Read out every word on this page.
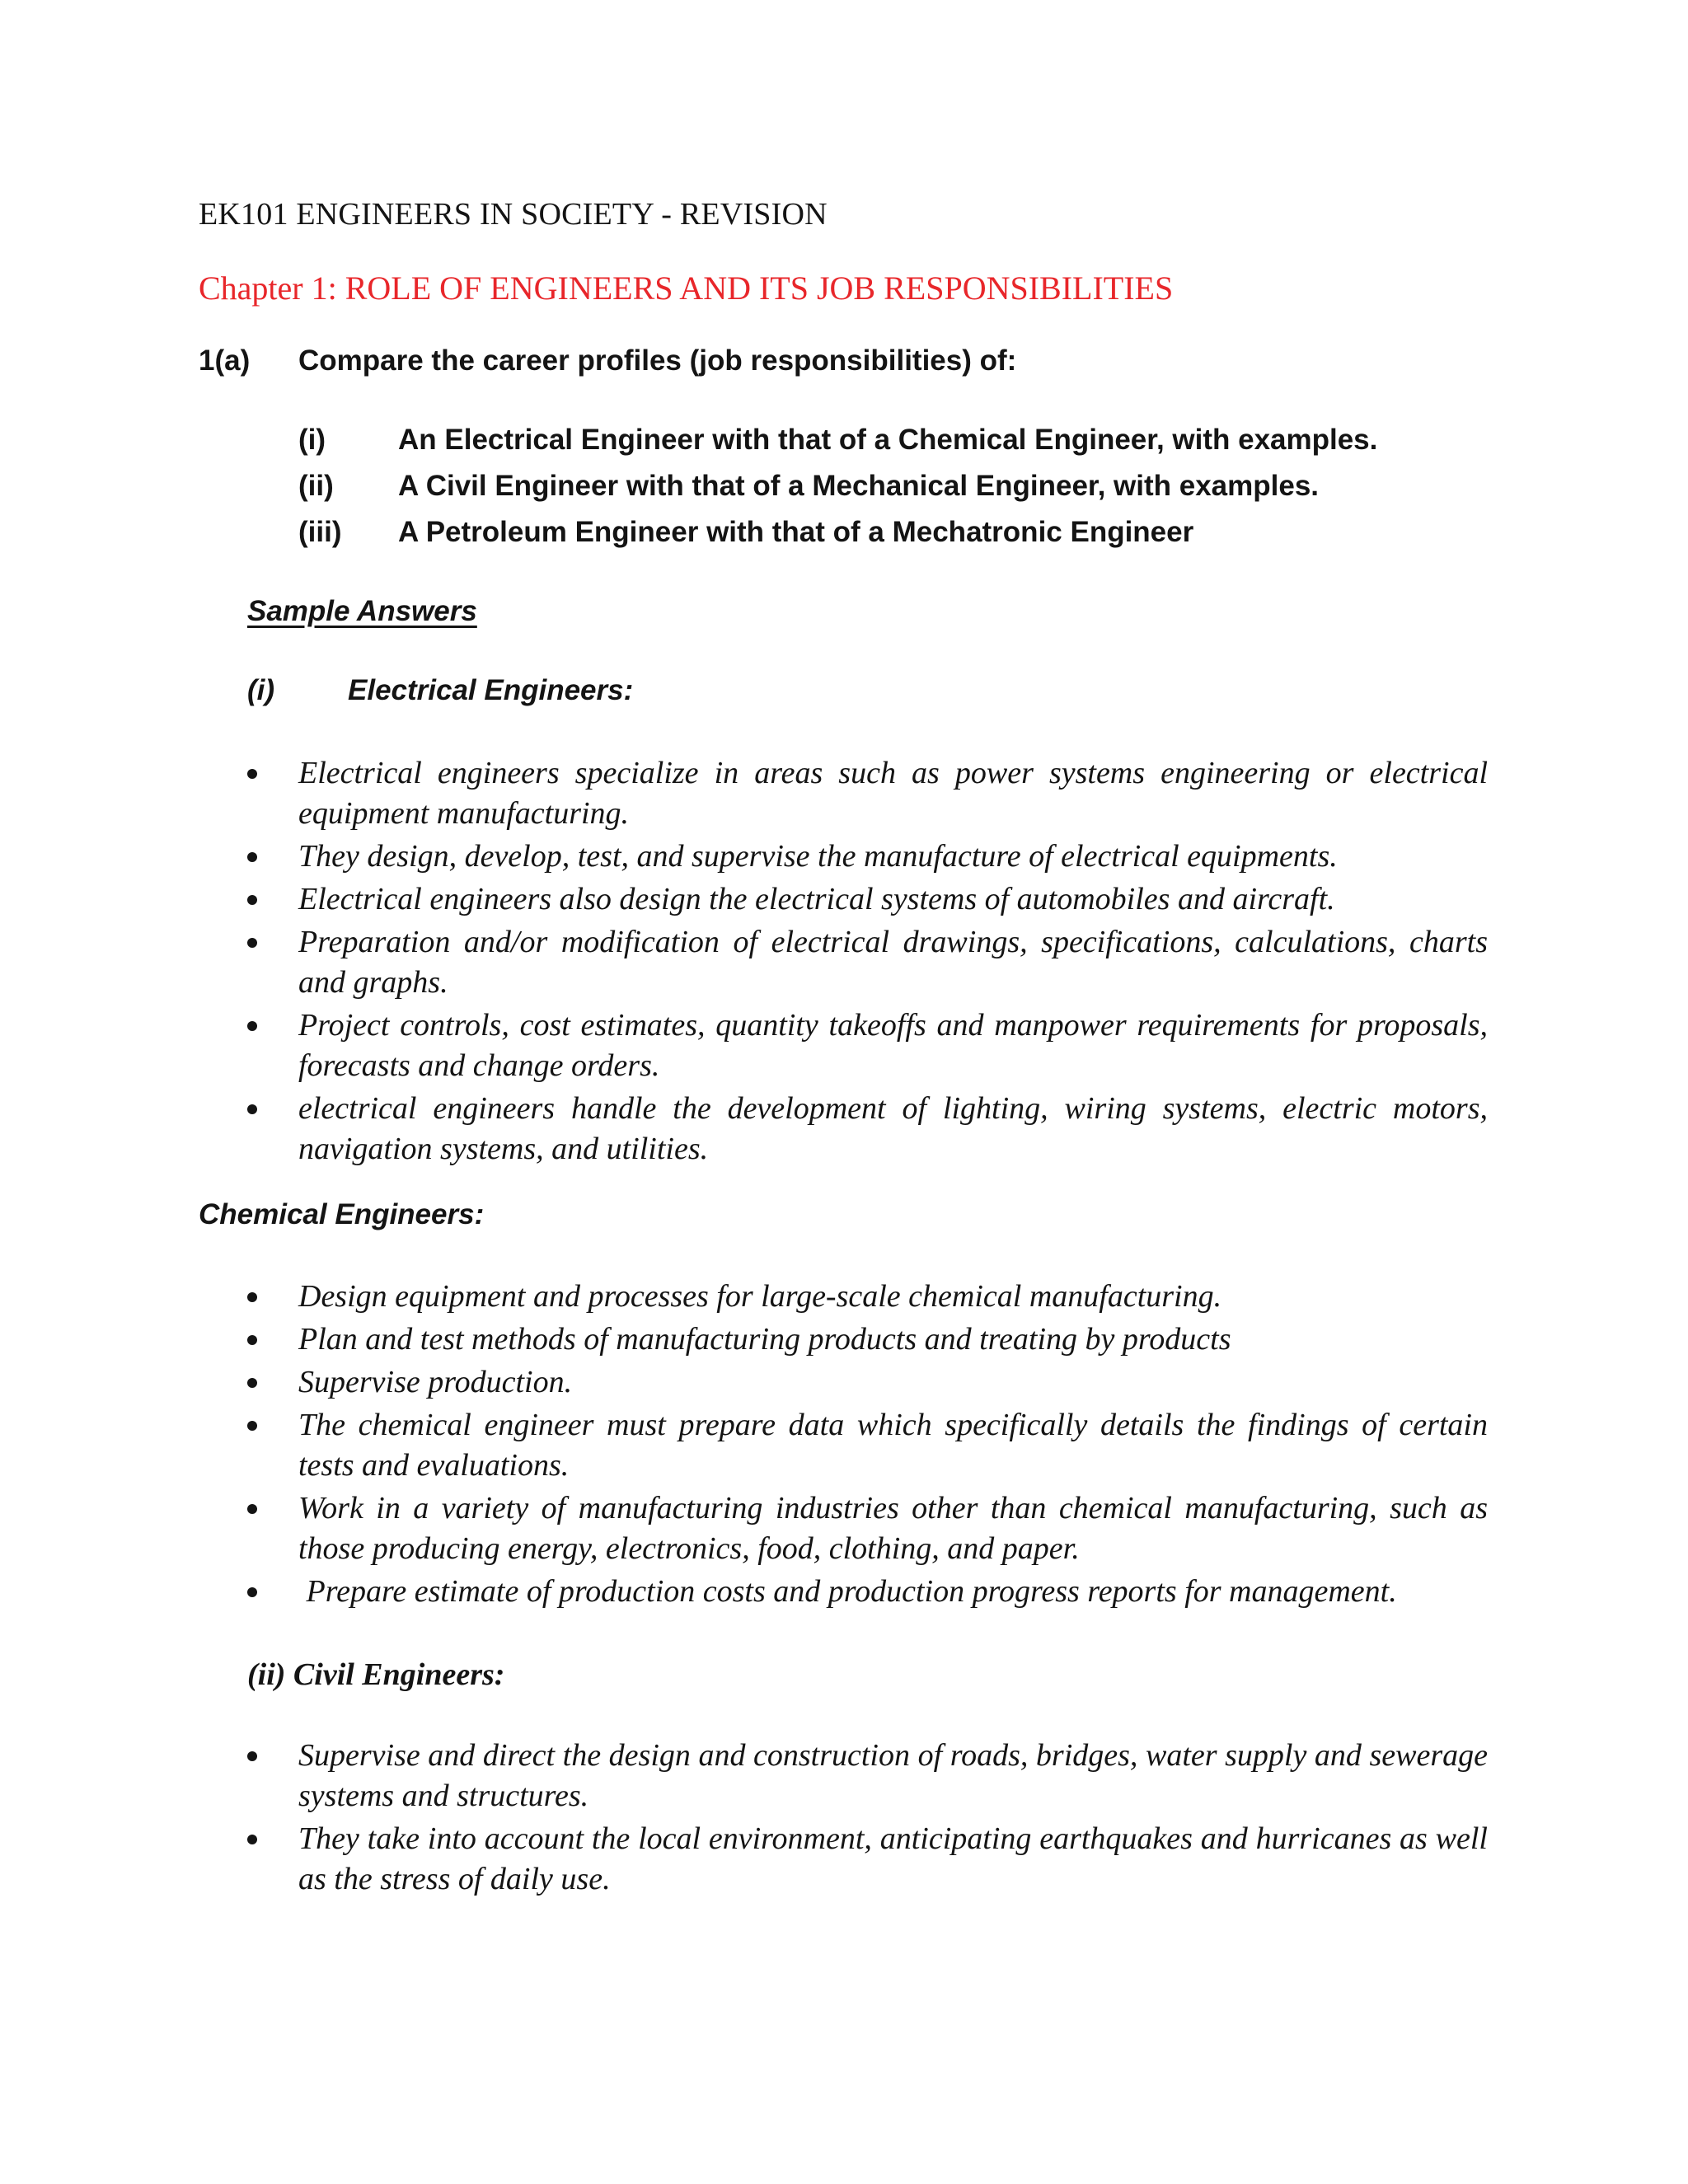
EK101 ENGINEERS IN SOCIETY - REVISION
Chapter 1: ROLE OF ENGINEERS AND ITS JOB RESPONSIBILITIES
1(a) Compare the career profiles (job responsibilities) of:
(i)	An Electrical Engineer with that of a Chemical Engineer, with examples.
(ii) A Civil Engineer with that of a Mechanical Engineer, with examples.
(iii) A Petroleum Engineer with that of a Mechatronic Engineer
Sample Answers
(i)	Electrical Engineers:
Electrical engineers specialize in areas such as power systems engineering or electrical equipment manufacturing.
They design, develop, test, and supervise the manufacture of electrical equipments.
Electrical engineers also design the electrical systems of automobiles and aircraft.
Preparation and/or modification of electrical drawings, specifications, calculations, charts and graphs.
Project controls, cost estimates, quantity takeoffs and manpower requirements for proposals, forecasts and change orders.
electrical engineers handle the development of lighting, wiring systems, electric motors, navigation systems, and utilities.
Chemical Engineers:
Design equipment and processes for large-scale chemical manufacturing.
Plan and test methods of manufacturing products and treating by products
Supervise production.
The chemical engineer must prepare data which specifically details the findings of certain tests and evaluations.
Work in a variety of manufacturing industries other than chemical manufacturing, such as those producing energy, electronics, food, clothing, and paper.
Prepare estimate of production costs and production progress reports for management.
(ii) Civil Engineers:
Supervise and direct the design and construction of roads, bridges, water supply and sewerage systems and structures.
They take into account the local environment, anticipating earthquakes and hurricanes as well as the stress of daily use.
